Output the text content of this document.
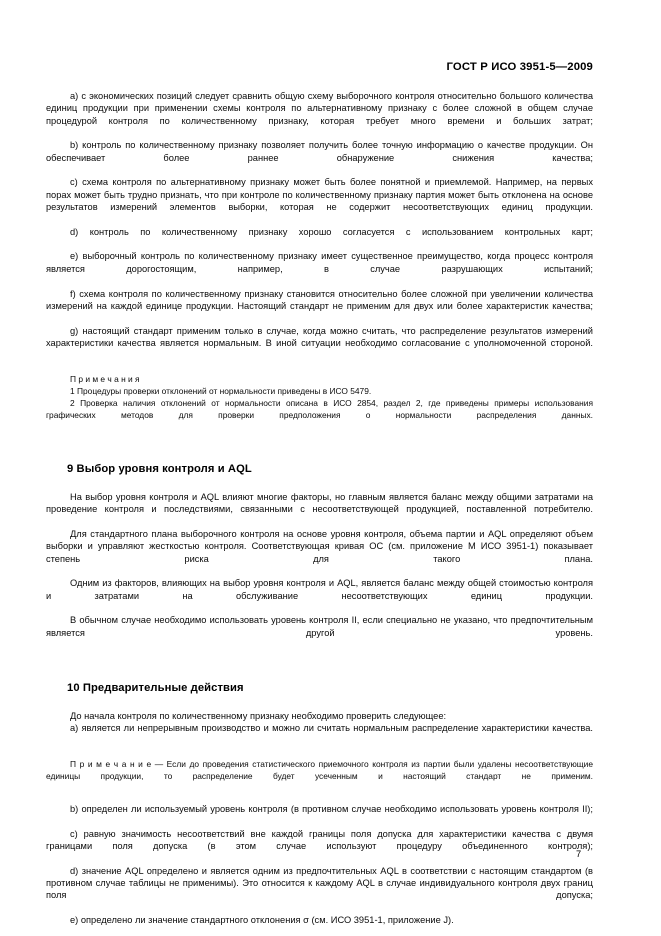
ГОСТ Р ИСО 3951-5—2009

а) с экономических позиций следует сравнить общую схему выборочного контроля относительно большого количества единиц продукции при применении схемы контроля по альтернативному признаку с более сложной в общем случае процедурой контроля по количественному признаку, которая требует много времени и больших затрат;

b) контроль по количественному признаку позволяет получить более точную информацию о качестве продукции. Он обеспечивает более раннее обнаружение снижения качества;

c) схема контроля по альтернативному признаку может быть более понятной и приемлемой. Например, на первых порах может быть трудно признать, что при контроле по количественному признаку партия может быть отклонена на основе результатов измерений элементов выборки, которая не содержит несоответствующих единиц продукции.

d) контроль по количественному признаку хорошо согласуется с использованием контрольных карт;

e) выборочный контроль по количественному признаку имеет существенное преимущество, когда процесс контроля является дорогостоящим, например, в случае разрушающих испытаний;

f) схема контроля по количественному признаку становится относительно более сложной при увеличении количества измерений на каждой единице продукции. Настоящий стандарт не применим для двух или более характеристик качества;

g) настоящий стандарт применим только в случае, когда можно считать, что распределение результатов измерений характеристики качества является нормальным. В иной ситуации необходимо согласование с уполномоченной стороной.

П р и м е ч а н и я

1 Процедуры проверки отклонений от нормальности приведены в ИСО 5479.

2 Проверка наличия отклонений от нормальности описана в ИСО 2854, раздел 2, где приведены примеры использования графических методов для проверки предположения о нормальности распределения данных.

9 Выбор уровня контроля и AQL

На выбор уровня контроля и AQL влияют многие факторы, но главным является баланс между общими затратами на проведение контроля и последствиями, связанными с несоответствующей продукцией, поставленной потребителю.

Для стандартного плана выборочного контроля на основе уровня контроля, объема партии и AQL определяют объем выборки и управляют жесткостью контроля. Соответствующая кривая ОС (см. приложение М ИСО 3951-1) показывает степень риска для такого плана.

Одним из факторов, влияющих на выбор уровня контроля и AQL, является баланс между общей стоимостью контроля и затратами на обслуживание несоответствующих единиц продукции.

В обычном случае необходимо использовать уровень контроля II, если специально не указано, что предпочтительным является другой уровень.

10 Предварительные действия

До начала контроля по количественному признаку необходимо проверить следующее:

а) является ли непрерывным производство и можно ли считать нормальным распределение характеристики качества.

П р и м е ч а н и е — Если до проведения статистического приемочного контроля из партии были удалены несоответствующие единицы продукции, то распределение будет усеченным и настоящий стандарт не применим.

b) определен ли используемый уровень контроля (в противном случае необходимо использовать уровень контроля II);

c) равную значимость несоответствий вне каждой границы поля допуска для характеристики качества с двумя границами поля допуска (в этом случае используют процедуру объединенного контроля);

d) значение AQL определено и является одним из предпочтительных AQL в соответствии с настоящим стандартом (в противном случае таблицы не применимы). Это относится к каждому AQL в случае индивидуального контроля двух границ поля допуска;

e) определено ли значение стандартного отклонения σ (см. ИСО 3951-1, приложение J).

7
